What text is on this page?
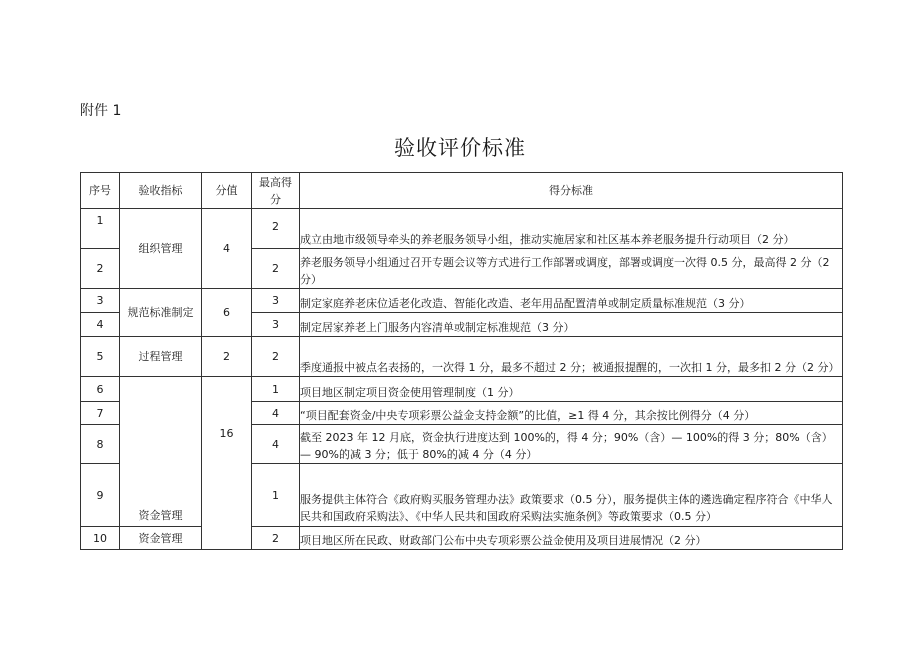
附件 1
验收评价标准
序号	验收指标	分值	最高得分	得分标准
1	组织管理	4	2	成立由地市级领导牵头的养老服务领导小组，推动实施居家和社区基本养老服务提升行动项目（2 分）
2			2	养老服务领导小组通过召开专题会议等方式进行工作部署或调度，部署或调度一次得 0.5 分，最高得 2 分（2 分）
3	规范标准制定	6	3	制定家庭养老床位适老化改造、智能化改造、老年用品配置清单或制定质量标准规范（3 分）
4			3	制定居家养老上门服务内容清单或制定标准规范（3 分）
5	过程管理	2	2	季度通报中被点名表扬的，一次得 1 分，最多不超过 2 分；被通报提醒的，一次扣 1 分，最多扣 2 分（2 分）
6	资金管理	16	1	项目地区制定项目资金使用管理制度（1 分）
7			4	“项目配套资金/中央专项彩票公益金支持金额”的比值，≥1 得 4 分，其余按比例得分（4 分）
8			4	截至 2023 年 12 月底，资金执行进度达到 100%的，得 4 分；90%（含）— 100%的得 3 分；80%（含）— 90%的减 3 分；低于 80%的减 4 分（4 分）
9			1	服务提供主体符合《政府购买服务管理办法》政策要求（0.5 分），服务提供主体的遴选确定程序符合《中华人民共和国政府采购法》、《中华人民共和国政府采购法实施条例》等政策要求（0.5 分）
10	资金管理		2	项目地区所在民政、财政部门公布中央专项彩票公益金使用及项目进展情况（2 分）
